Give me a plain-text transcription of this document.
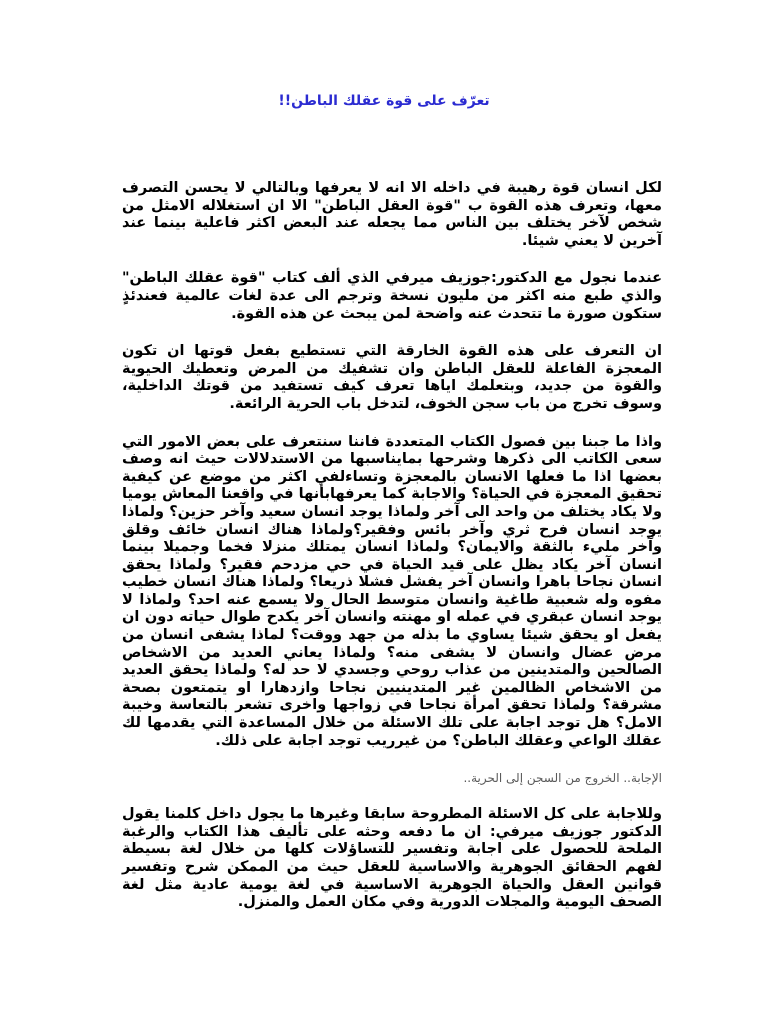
تعرّف على قوة عقلك الباطن!!

لكل انسان قوة رهيبة في داخله الا انه لا يعرفها وبالتالي لا يحسن التصرف معها، وتعرف هذه القوة ب "قوة العقل الباطن" الا ان استغلاله الامثل من شخص لآخر يختلف بين الناس مما يجعله عند البعض اكثر فاعلية بينما عند آخرين لا يعني شيئا.

عندما نجول مع الدكتور:جوزيف ميرفي الذي ألف كتاب "قوة عقلك الباطن" والذي طبع منه اكثر من مليون نسخة وترجم الى عدة لغات عالمية فعندئذٍ ستكون صورة ما تتحدث عنه واضحة لمن يبحث عن هذه القوة.

ان التعرف على هذه القوة الخارقة التي تستطيع بفعل قوتها ان تكون المعجزة الفاعلة للعقل الباطن وان تشفيك من المرض وتعطيك الحيوية والقوة من جديد، وبتعلمك اياها تعرف كيف تستفيد من قوتك الداخلية، وسوف تخرج من باب سجن الخوف، لتدخل باب الحرية الرائعة.

واذا ما جبنا بين فصول الكتاب المتعددة فاننا سنتعرف على بعض الامور التي سعى الكاتب الى ذكرها وشرحها بمايناسبها من الاستدلالات حيث انه وصف بعضها اذا ما فعلها الانسان بالمعجزة وتساءلفي اكثر من موضع عن كيفية تحقيق المعجزة في الحياة؟ والاجابة كما يعرفهابأنها في واقعنا المعاش يوميا ولا يكاد يختلف من واحد الى آخر ولماذا يوجد انسان سعيد وآخر حزين؟ ولماذا يوجد انسان فرح ثري وآخر بائس وفقير؟ولماذا هناك انسان خائف وقلق وآخر مليء بالثقة والايمان؟ ولماذا انسان يمتلك منزلا فخما وجميلا بينما انسان آخر يكاد يظل على قيد الحياة في حي مزدحم فقير؟ ولماذا يحقق انسان نجاحا باهرا وانسان آخر يفشل فشلا ذريعا؟ ولماذا هناك انسان خطيب مفوه وله شعبية طاغية وانسان متوسط الحال ولا يسمع عنه احد؟ ولماذا لا يوجد انسان عبقري في عمله او مهنته وانسان آخر يكدح طوال حياته دون ان يفعل او يحقق شيئا يساوي ما بذله من جهد ووقت؟ لماذا يشفى انسان من مرض عضال وانسان لا يشفى منه؟ ولماذا يعاني العديد من الاشخاص الصالحين والمتدينين من عذاب روحي وجسدي لا حد له؟ ولماذا يحقق العديد من الاشخاص الظالمين غير المتدينيين نجاحا وازدهارا او يتمتعون بصحة مشرقة؟ ولماذا تحقق امرأة نجاحا في زواجها واخرى تشعر بالتعاسة وخيبة الامل؟ هل توجد اجابة على تلك الاسئلة من خلال المساعدة التي يقدمها لك عقلك الواعي وعقلك الباطن؟ من غيرريب توجد اجابة على ذلك.

الإجابة.. الخروج من السجن إلى الحرية..

وللاجابة على كل الاسئلة المطروحة سابقا وغيرها ما يجول داخل كلمنا يقول الدكتور جوزيف ميرفي: ان ما دفعه وحثه على تأليف هذا الكتاب والرغبة الملحة للحصول على اجابة وتفسير للتساؤلات كلها من خلال لغة بسيطة لفهم الحقائق الجوهرية والاساسية للعقل حيث من الممكن شرح وتفسير قوانين العقل والحياة الجوهرية الاساسية في لغة يومية عادية مثل لغة الصحف اليومية والمجلات الدورية وفي مكان العمل والمنزل.
